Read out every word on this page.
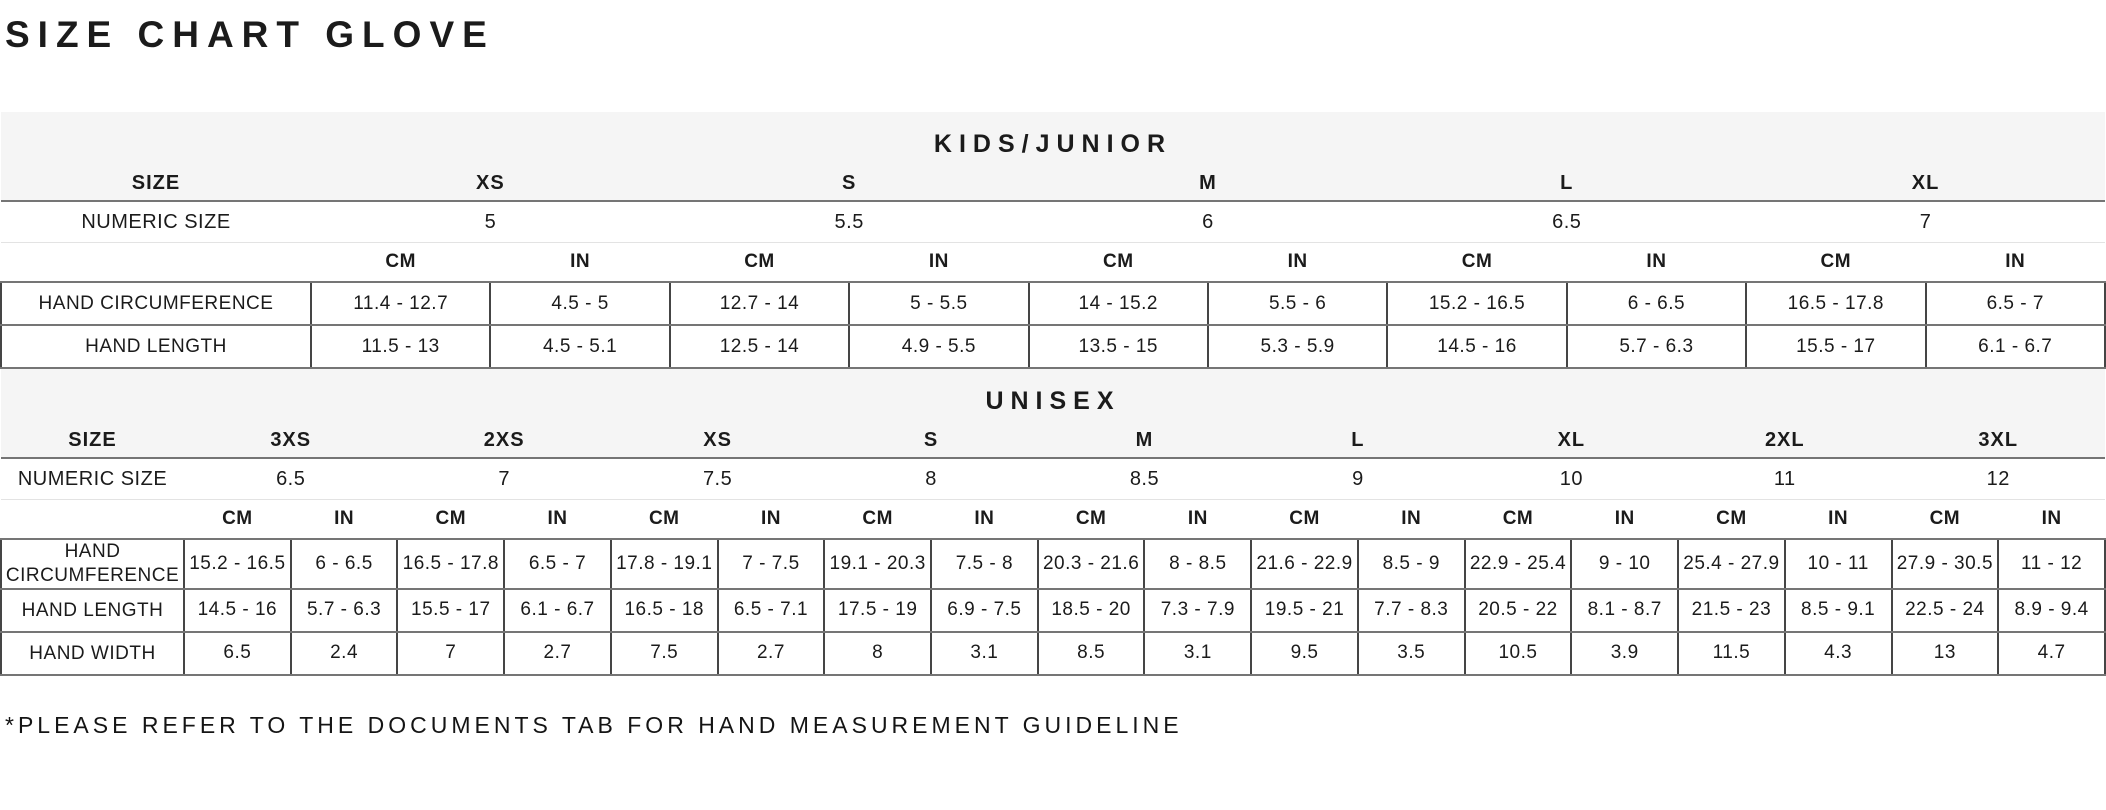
SIZE CHART GLOVE
KIDS/JUNIOR										
SIZE	XS		S		M		L		XL	
NUMERIC SIZE	5		5.5		6		6.5		7	
	CM	IN	CM	IN	CM	IN	CM	IN	CM	IN
HAND CIRCUMFERENCE	11.4 - 12.7	4.5 - 5	12.7 - 14	5 - 5.5	14 - 15.2	5.5 - 6	15.2 - 16.5	6 - 6.5	16.5 - 17.8	6.5 - 7
HAND LENGTH	11.5 - 13	4.5 - 5.1	12.5 - 14	4.9 - 5.5	13.5 - 15	5.3 - 5.9	14.5 - 16	5.7 - 6.3	15.5 - 17	6.1 - 6.7
UNISEX																		
SIZE	3XS		2XS		XS		S		M		L		XL		2XL		3XL	
NUMERIC SIZE	6.5		7		7.5		8		8.5		9		10		11		12	
	CM	IN	CM	IN	CM	IN	CM	IN	CM	IN	CM	IN	CM	IN	CM	IN	CM	IN
HAND CIRCUMFERENCE	15.2 - 16.5	6 - 6.5	16.5 - 17.8	6.5 - 7	17.8 - 19.1	7 - 7.5	19.1 - 20.3	7.5 - 8	20.3 - 21.6	8 - 8.5	21.6 - 22.9	8.5 - 9	22.9 - 25.4	9 - 10	25.4 - 27.9	10 - 11	27.9 - 30.5	11 - 12
HAND LENGTH	14.5 - 16	5.7 - 6.3	15.5 - 17	6.1 - 6.7	16.5 - 18	6.5 - 7.1	17.5 - 19	6.9 - 7.5	18.5 - 20	7.3 - 7.9	19.5 - 21	7.7 - 8.3	20.5 - 22	8.1 - 8.7	21.5 - 23	8.5 - 9.1	22.5 - 24	8.9 - 9.4
HAND WIDTH	6.5	2.4	7	2.7	7.5	2.7	8	3.1	8.5	3.1	9.5	3.5	10.5	3.9	11.5	4.3	13	4.7
*PLEASE REFER TO THE DOCUMENTS TAB FOR HAND MEASUREMENT GUIDELINE
